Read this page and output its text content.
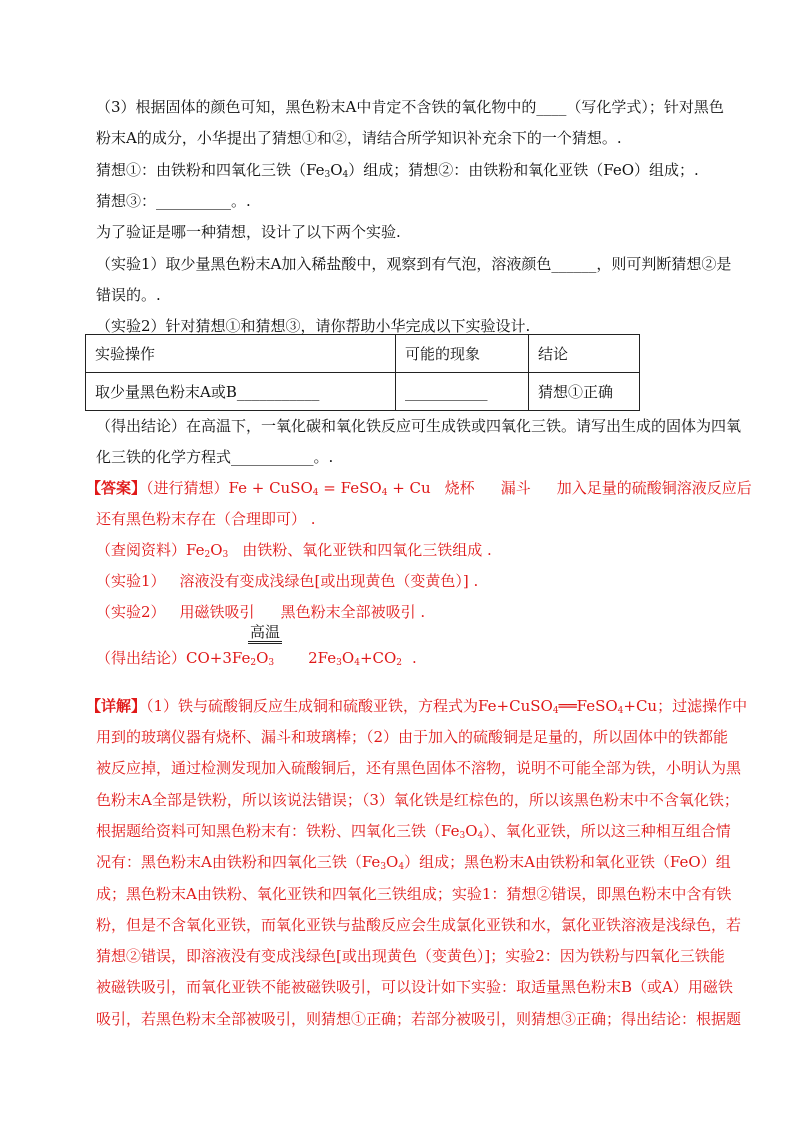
（3）根据固体的颜色可知，黑色粉末A中肯定不含铁的氧化物中的____（写化学式）；针对黑色
粉末A的成分，小华提出了猜想①和②，请结合所学知识补充余下的一个猜想。.
猜想①：由铁粉和四氧化三铁$(Fe_3O_4)$组成；猜想②：由铁粉和氧化亚铁（FeO）组成；.
猜想③：__________。.
为了验证是哪一种猜想，设计了以下两个实验.
（实验1）取少量黑色粉末A加入稀盐酸中，观察到有气泡，溶液颜色______，则可判断猜想②是
错误的。.
（实验2）针对猜想①和猜想③，请你帮助小华完成以下实验设计.
实验操作	可能的现象	结论
取少量黑色粉末A或B___________	___________	猜想①正确
（得出结论）在高温下，一氧化碳和氧化铁反应可生成铁或四氧化三铁。请写出生成的固体为四氧
化三铁的化学方程式___________。.
【答案】（进行猜想）Fe + CuSO$_4$ = FeSO$_4$ + Cu 烧杯 漏斗 加入足量的硫酸铜溶液反应后
还有黑色粉末存在（合理即可） .
（查阅资料）$Fe_2O_3$ 由铁粉、氧化亚铁和四氧化三铁组成 .
（实验1） 溶液没有变成浅绿色[或出现黄色（变黄色）] .
（实验2） 用磁铁吸引 黑色粉末全部被吸引 .
高温
（得出结论）$CO+3Fe_2O_3$ $2Fe_3O_4+CO_2$ .
【详解】（1）铁与硫酸铜反应生成铜和硫酸亚铁，方程式为Fe+CuSO$_4$══FeSO$_4$+Cu；过滤操作中
用到的玻璃仪器有烧杯、漏斗和玻璃棒；（2）由于加入的硫酸铜是足量的，所以固体中的铁都能
被反应掉，通过检测发现加入硫酸铜后，还有黑色固体不溶物，说明不可能全部为铁，小明认为黑
色粉末A全部是铁粉，所以该说法错误；（3）氧化铁是红棕色的，所以该黑色粉末中不含氧化铁；
根据题给资料可知黑色粉末有：铁粉、四氧化三铁$(Fe_3O_4)$、氧化亚铁，所以这三种相互组合情
况有：黑色粉末A由铁粉和四氧化三铁$(Fe_3O_4)$组成；黑色粉末A由铁粉和氧化亚铁（FeO）组
成；黑色粉末A由铁粉、氧化亚铁和四氧化三铁组成；实验1：猜想②错误，即黑色粉末中含有铁
粉，但是不含氧化亚铁，而氧化亚铁与盐酸反应会生成氯化亚铁和水，氯化亚铁溶液是浅绿色，若
猜想②错误，即溶液没有变成浅绿色[或出现黄色（变黄色）]；实验2：因为铁粉与四氧化三铁能
被磁铁吸引，而氧化亚铁不能被磁铁吸引，可以设计如下实验：取适量黑色粉末B（或A）用磁铁
吸引，若黑色粉末全部被吸引，则猜想①正确；若部分被吸引，则猜想③正确；得出结论：根据题
